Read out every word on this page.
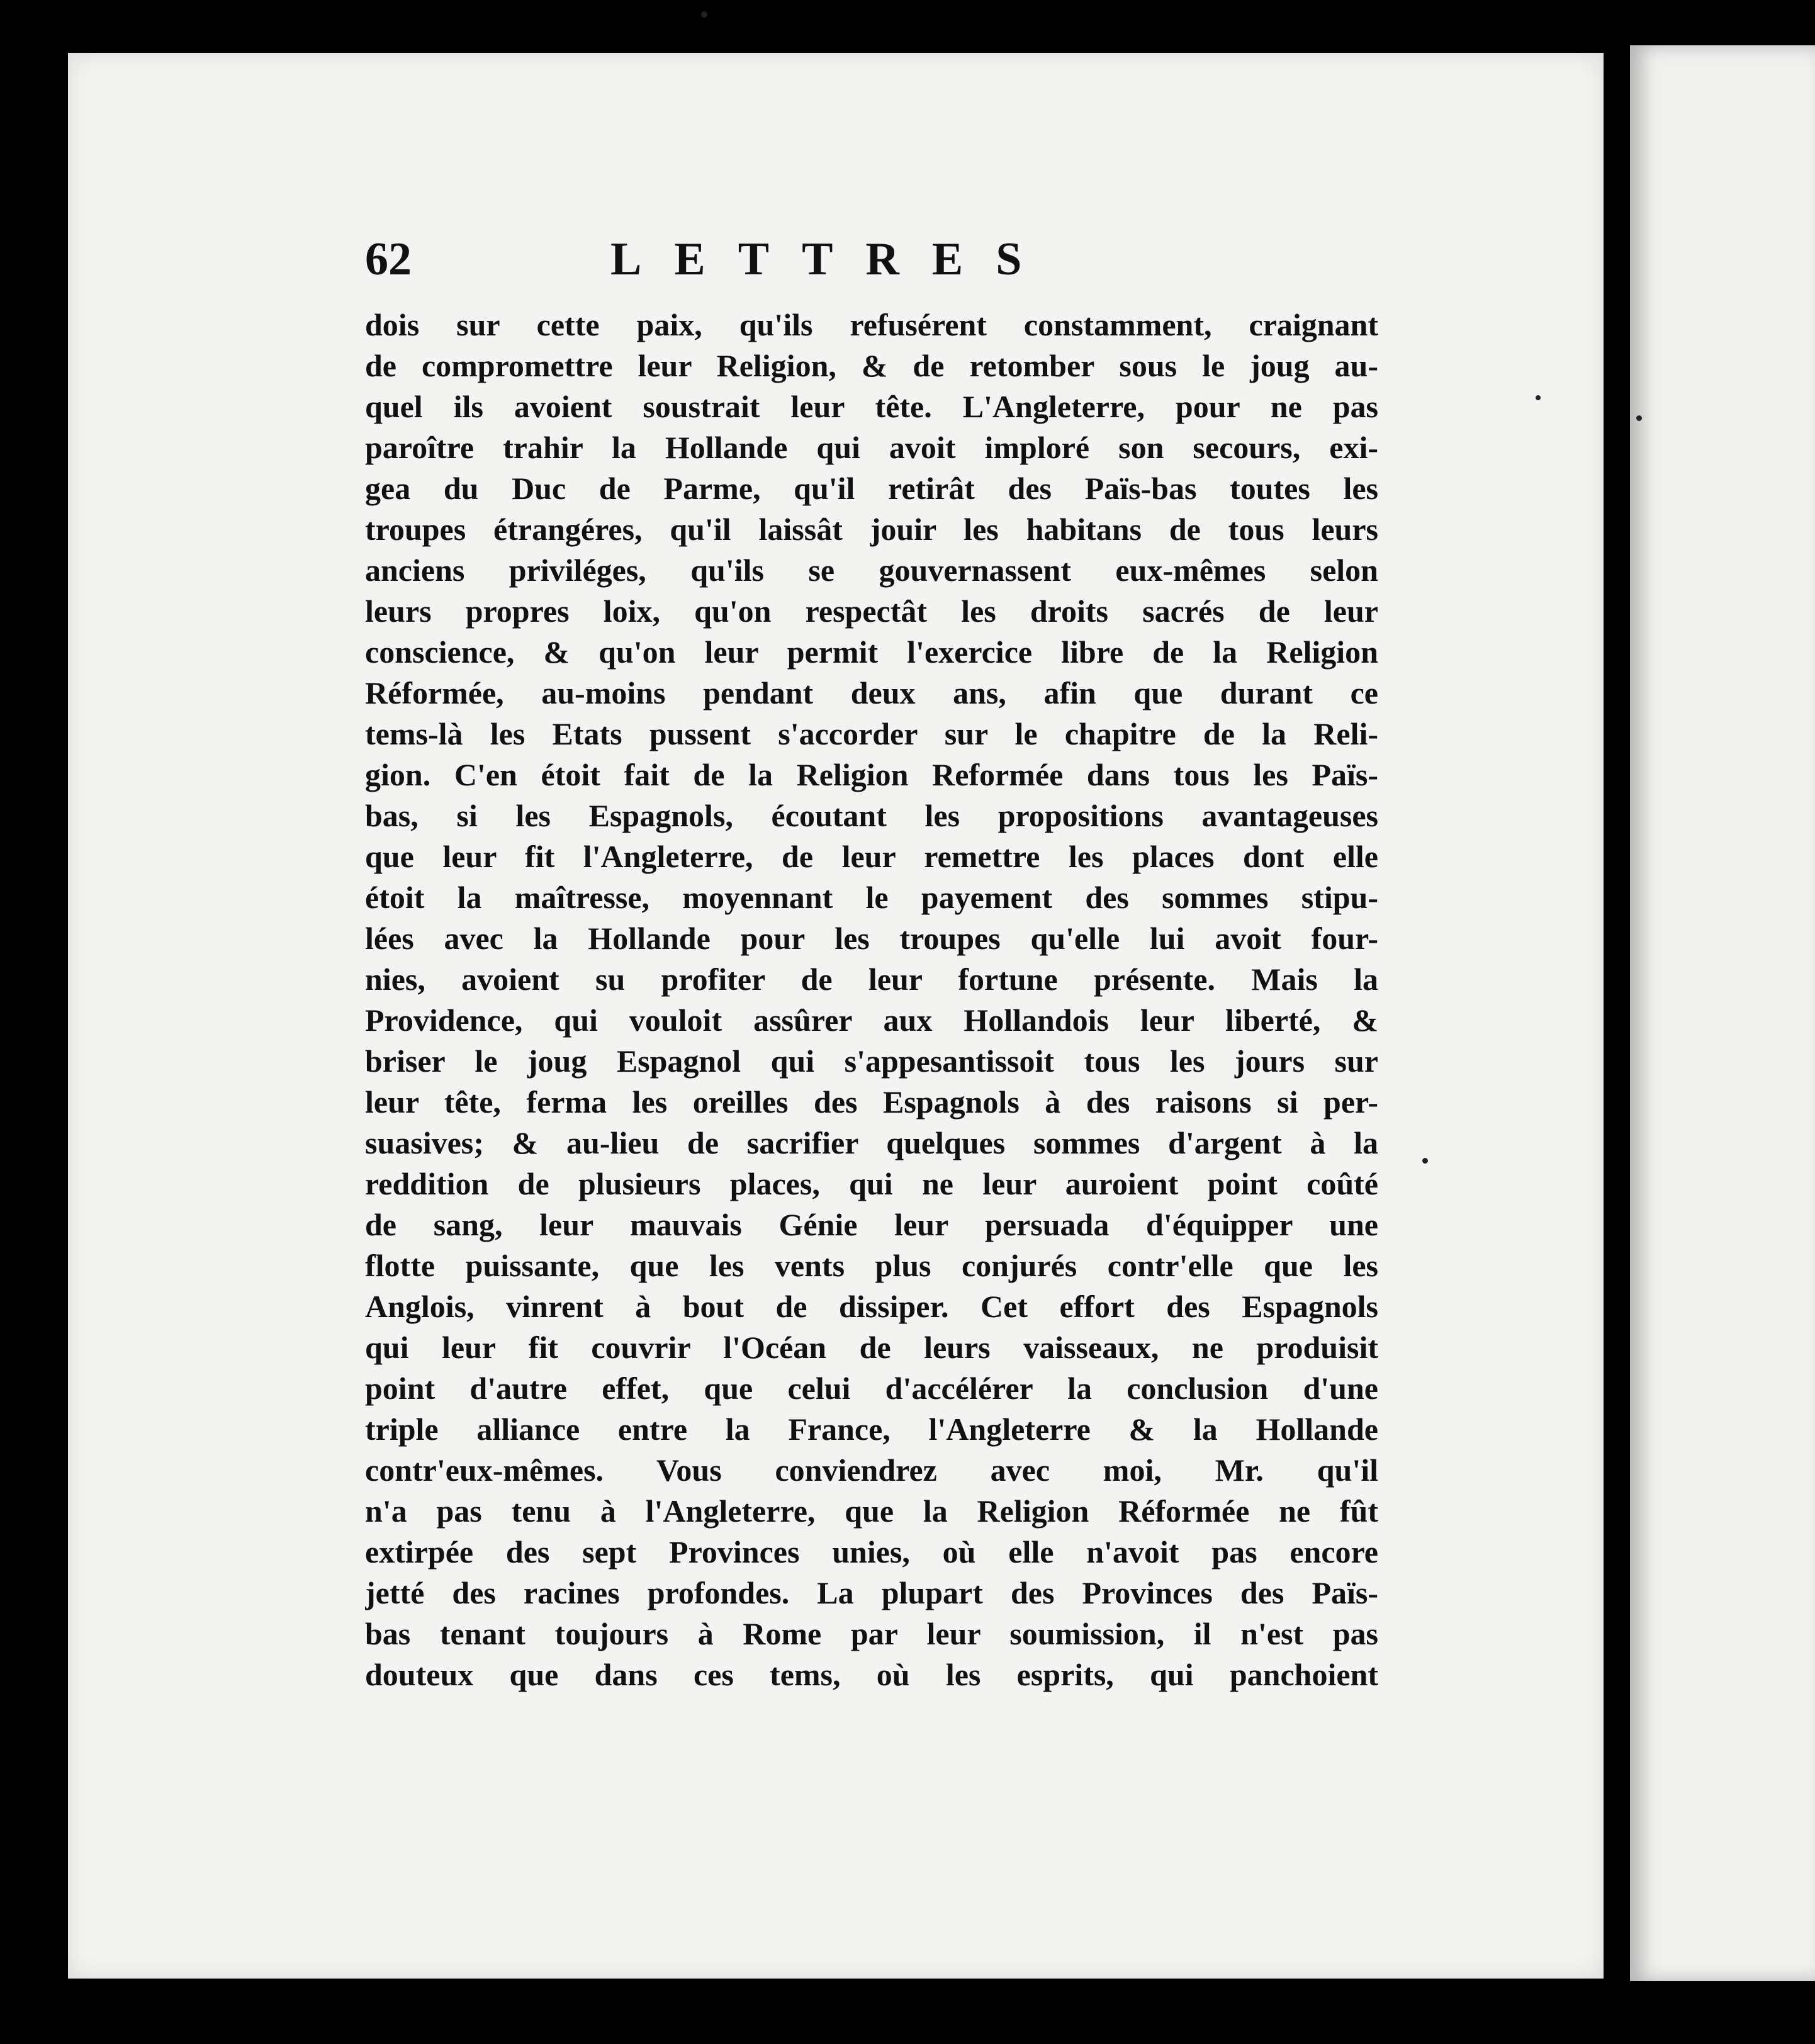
62	LETTRES
dois sur cette paix, qu'ils refusérent constamment, craignant
de compromettre leur Religion, & de retomber sous le joug au-
quel ils avoient soustrait leur tête. L'Angleterre, pour ne pas
paroître trahir la Hollande qui avoit imploré son secours, exi-
gea du Duc de Parme, qu'il retirât des Païs-bas toutes les
troupes étrangéres, qu'il laissât jouir les habitans de tous leurs
anciens priviléges, qu'ils se gouvernassent eux-mêmes selon
leurs propres loix, qu'on respectât les droits sacrés de leur
conscience, & qu'on leur permit l'exercice libre de la Religion
Réformée, au-moins pendant deux ans, afin que durant ce
tems-là les Etats pussent s'accorder sur le chapitre de la Reli-
gion. C'en étoit fait de la Religion Reformée dans tous les Païs-
bas, si les Espagnols, écoutant les propositions avantageuses
que leur fit l'Angleterre, de leur remettre les places dont elle
étoit la maîtresse, moyennant le payement des sommes stipu-
lées avec la Hollande pour les troupes qu'elle lui avoit four-
nies, avoient su profiter de leur fortune présente. Mais la
Providence, qui vouloit assûrer aux Hollandois leur liberté, &
briser le joug Espagnol qui s'appesantissoit tous les jours sur
leur tête, ferma les oreilles des Espagnols à des raisons si per-
suasives; & au-lieu de sacrifier quelques sommes d'argent à la
reddition de plusieurs places, qui ne leur auroient point coûté
de sang, leur mauvais Génie leur persuada d'équipper une
flotte puissante, que les vents plus conjurés contr'elle que les
Anglois, vinrent à bout de dissiper. Cet effort des Espagnols
qui leur fit couvrir l'Océan de leurs vaisseaux, ne produisit
point d'autre effet, que celui d'accélérer la conclusion d'une
triple alliance entre la France, l'Angleterre & la Hollande
contr'eux-mêmes. Vous conviendrez avec moi, Mr. qu'il
n'a pas tenu à l'Angleterre, que la Religion Réformée ne fût
extirpée des sept Provinces unies, où elle n'avoit pas encore
jetté des racines profondes. La plupart des Provinces des Païs-
bas tenant toujours à Rome par leur soumission, il n'est pas
douteux que dans ces tems, où les esprits, qui panchoient
